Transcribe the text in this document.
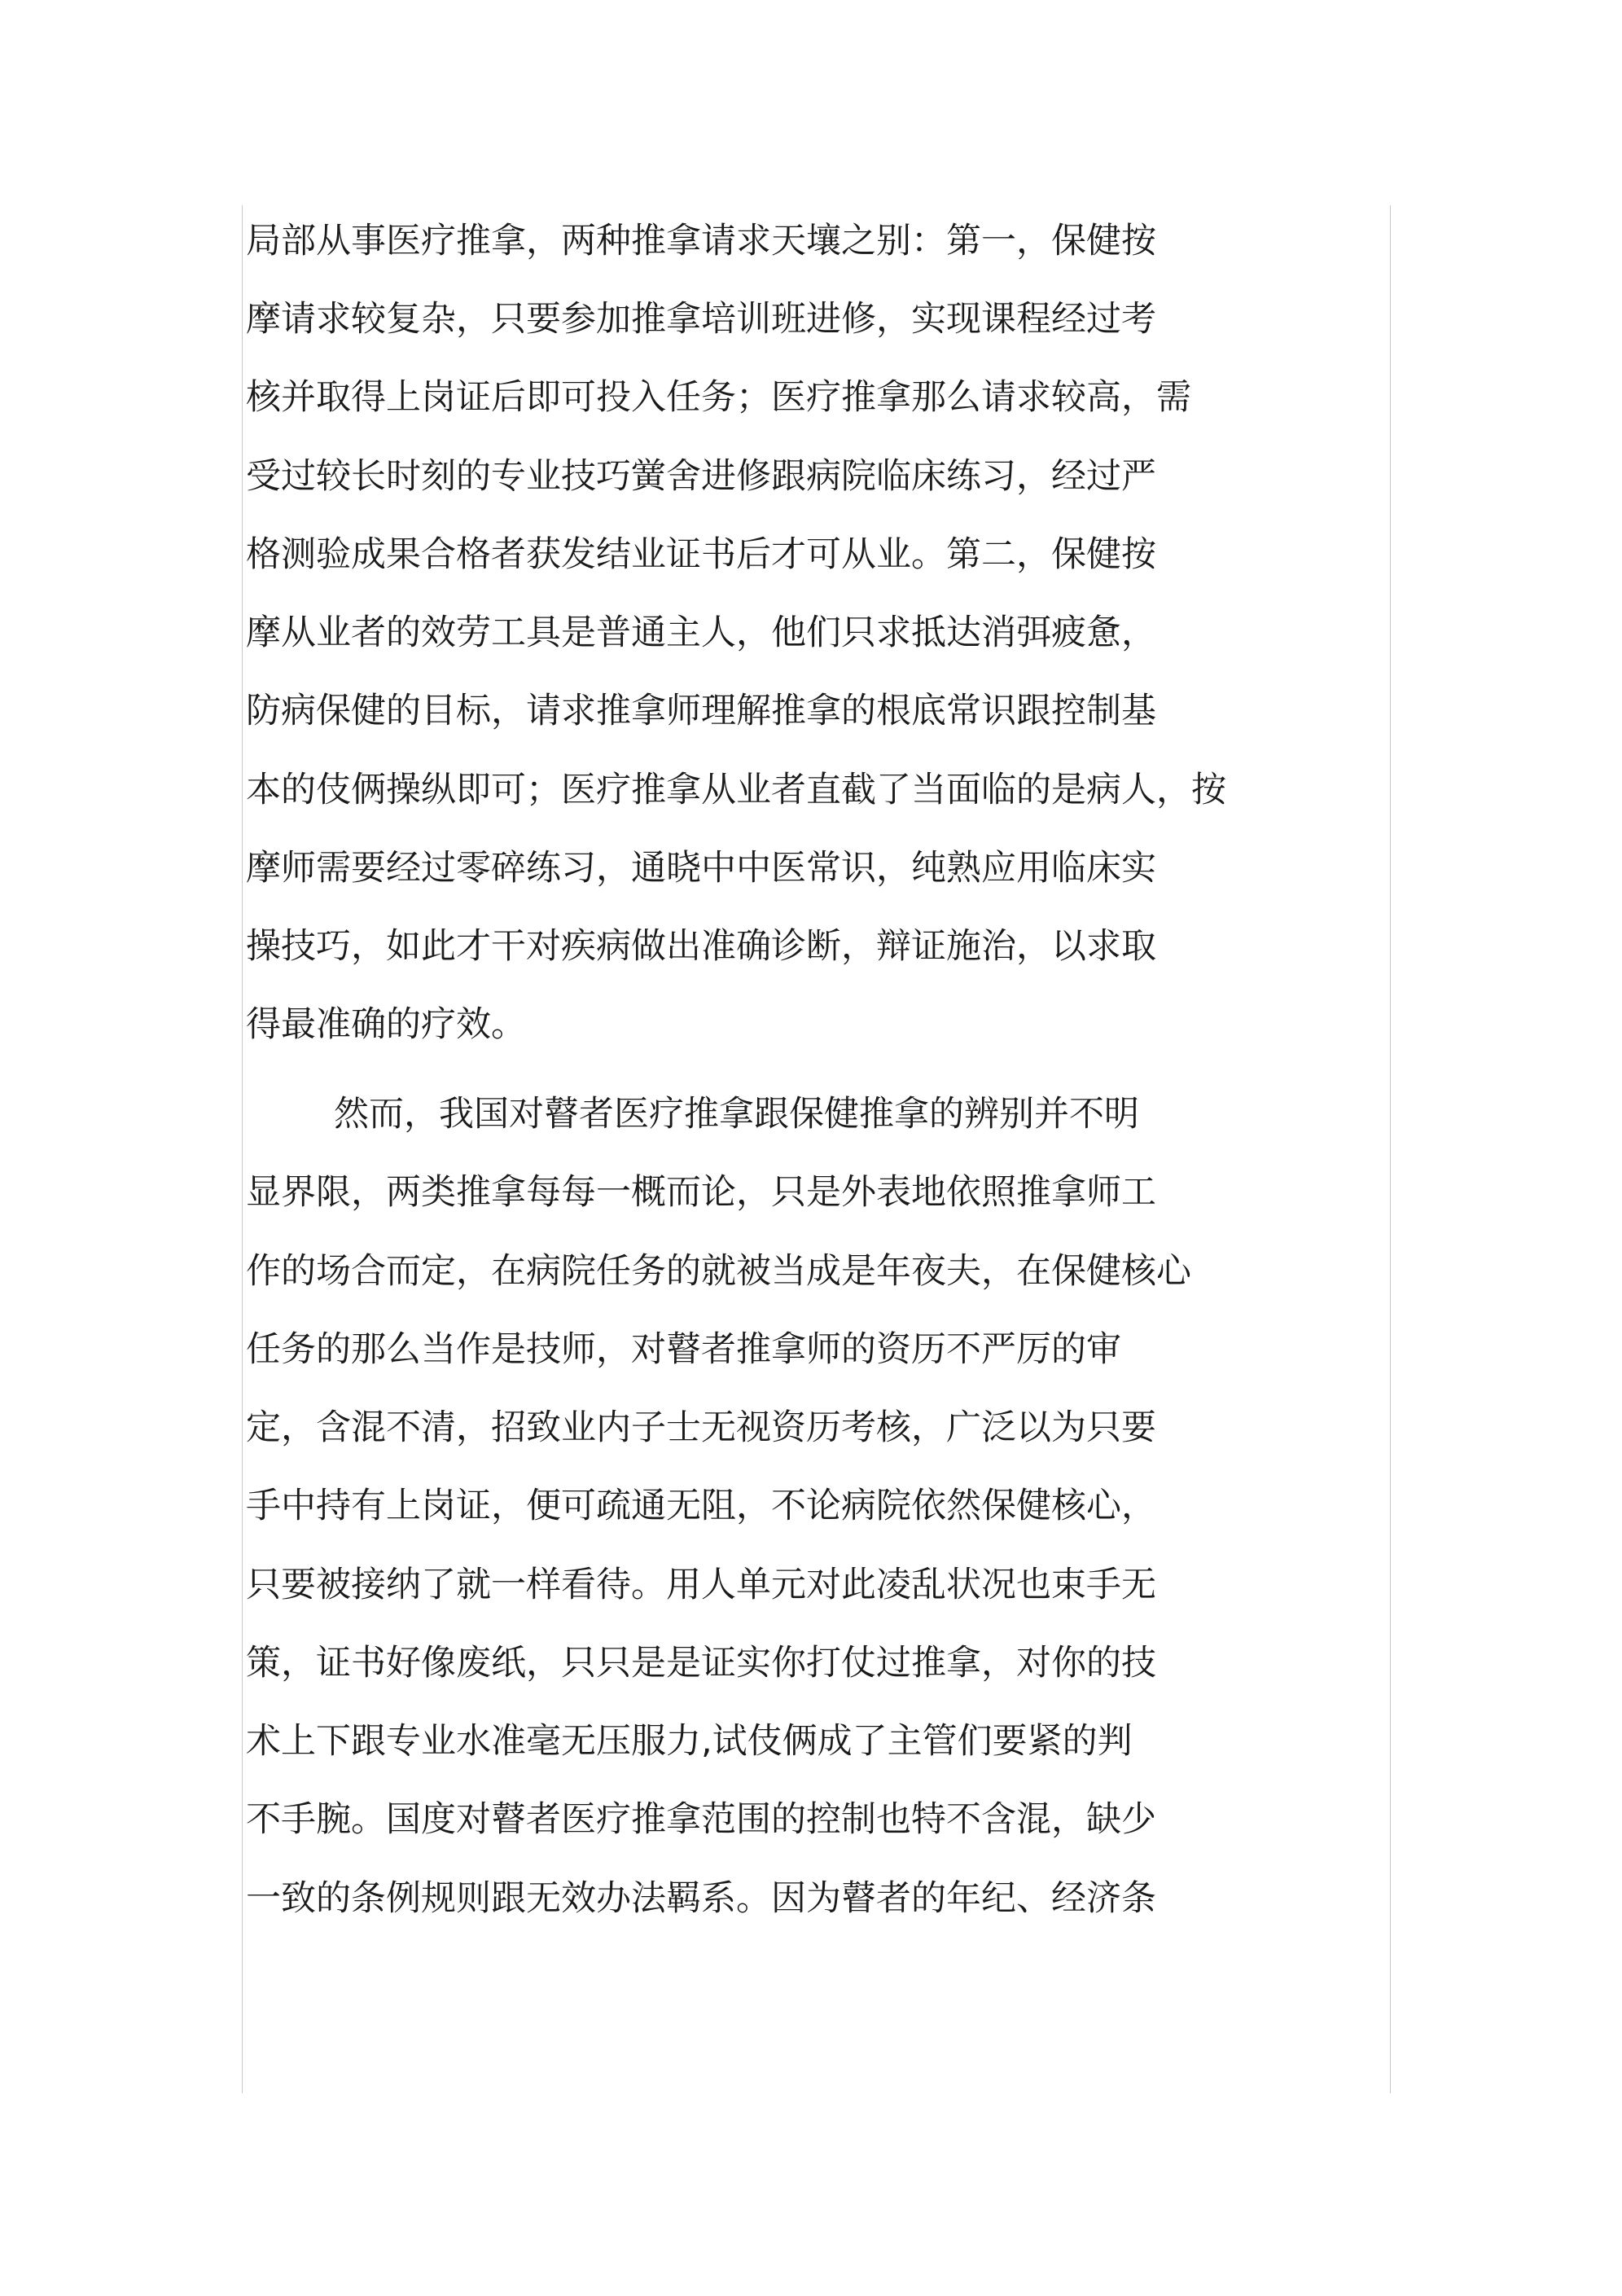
局部从事医疗推拿，两种推拿请求天壤之别：第一，保健按
摩请求较复杂，只要参加推拿培训班进修，实现课程经过考
核并取得上岗证后即可投入任务；医疗推拿那么请求较高，需
受过较长时刻的专业技巧黉舍进修跟病院临床练习，经过严
格测验成果合格者获发结业证书后才可从业。第二，保健按
摩从业者的效劳工具是普通主人，他们只求抵达消弭疲惫，
防病保健的目标，请求推拿师理解推拿的根底常识跟控制基
本的伎俩操纵即可；医疗推拿从业者直截了当面临的是病人，按
摩师需要经过零碎练习，通晓中中医常识，纯熟应用临床实
操技巧，如此才干对疾病做出准确诊断，辩证施治，以求取
得最准确的疗效。
然而，我国对瞽者医疗推拿跟保健推拿的辨别并不明
显界限，两类推拿每每一概而论，只是外表地依照推拿师工
作的场合而定，在病院任务的就被当成是年夜夫，在保健核心
任务的那么当作是技师，对瞽者推拿师的资历不严厉的审
定，含混不清，招致业内子士无视资历考核，广泛以为只要
手中持有上岗证，便可疏通无阻，不论病院依然保健核心，
只要被接纳了就一样看待。用人单元对此凌乱状况也束手无
策，证书好像废纸，只只是是证实你打仗过推拿，对你的技
术上下跟专业水准毫无压服力,试伎俩成了主管们要紧的判
不手腕。国度对瞽者医疗推拿范围的控制也特不含混，缺少
一致的条例规则跟无效办法羁系。因为瞽者的年纪、经济条
